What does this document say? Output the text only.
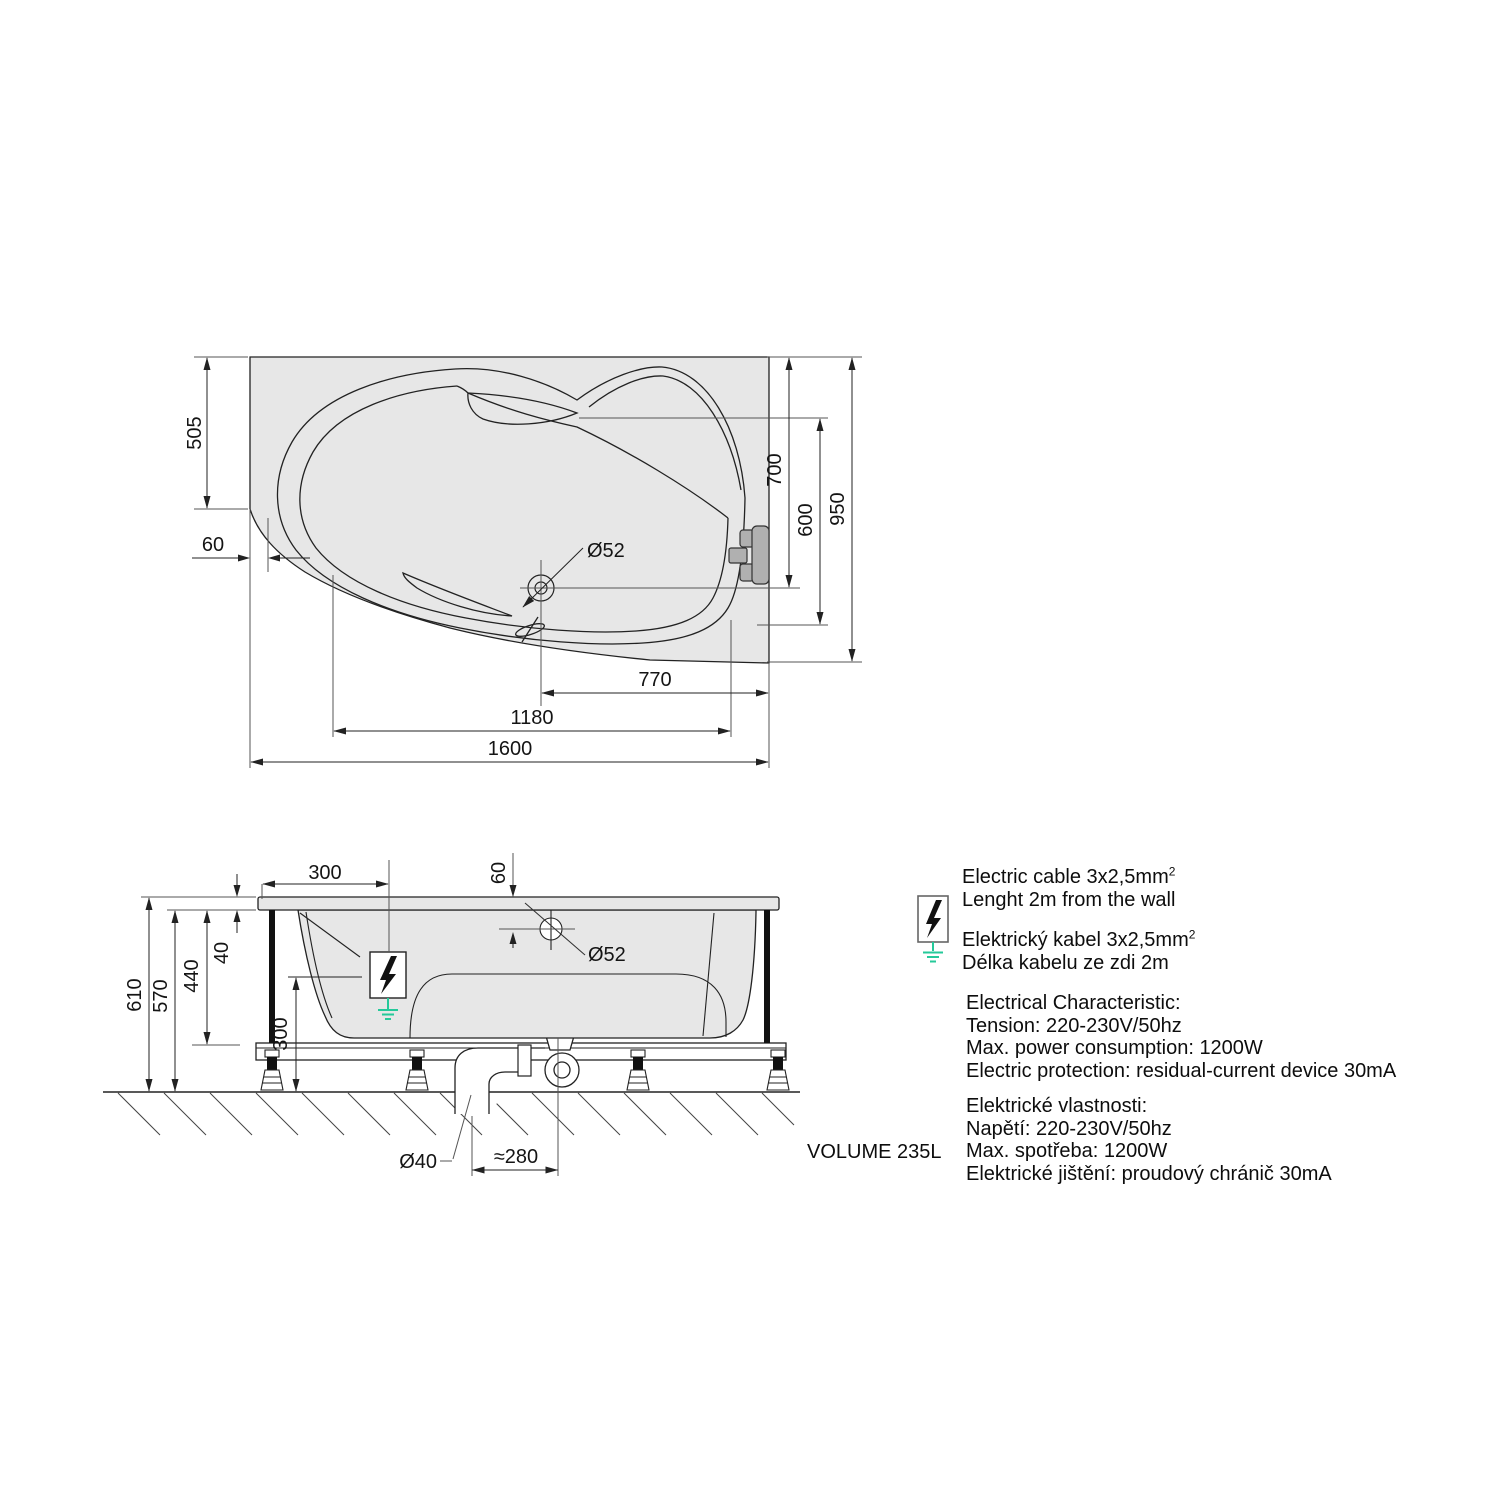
505
60
700
600 950
770
1180
1600
Ø52
300	60
Ø52
40
440
300
610 570
Ø40	≈280
Electric cable $3x2,5mm^2$
Lenght 2m from the wall
Elektrický kabel $3x2,5mm^2$
Délka kabelu ze zdi 2m
Electrical Characteristic:
Tension: 220-230V/50hz
Max. power consumption: 1200W
Electric protection: residual-current device 30mA
Elektrické vlastnosti:
Napětí: 220-230V/50hz
Max. spotřeba: 1200W
Elektrické jištění: proudový chránič 30mA
VOLUME 235L
